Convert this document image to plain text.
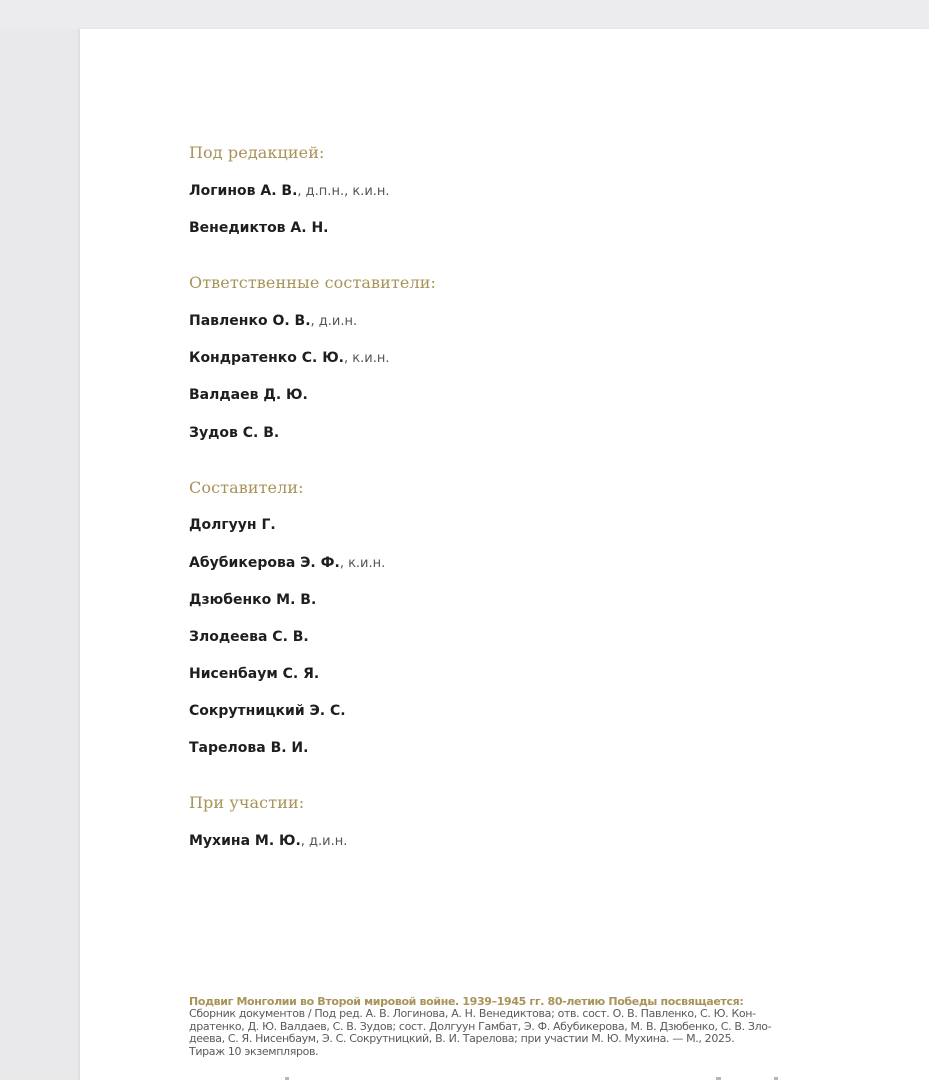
Под редакцией:
Логинов А. В., д.п.н., к.и.н.
Венедиктов А. Н.
Ответственные составители:
Павленко О. В., д.и.н.
Кондратенко С. Ю., к.и.н.
Валдаев Д. Ю.
Зудов С. В.
Составители:
Долгуун Г.
Абубикерова Э. Ф., к.и.н.
Дзюбенко М. В.
Злодеева С. В.
Нисенбаум С. Я.
Сокрутницкий Э. С.
Тарелова В. И.
При участии:
Мухина М. Ю., д.и.н.
Подвиг Монголии во Второй мировой войне. 1939–1945 гг. 80-летию Победы посвящается:
Сборник документов / Под ред. А. В. Логинова, А. Н. Венедиктова; отв. сост. О. В. Павленко, С. Ю. Кон-
дратенко, Д. Ю. Валдаев, С. В. Зудов; сост. Долгуун Гамбат, Э. Ф. Абубикерова, М. В. Дзюбенко, С. В. Зло-
деева, С. Я. Нисенбаум, Э. С. Сокрутницкий, В. И. Тарелова; при участии М. Ю. Мухина. — М., 2025.
Тираж 10 экземпляров.
